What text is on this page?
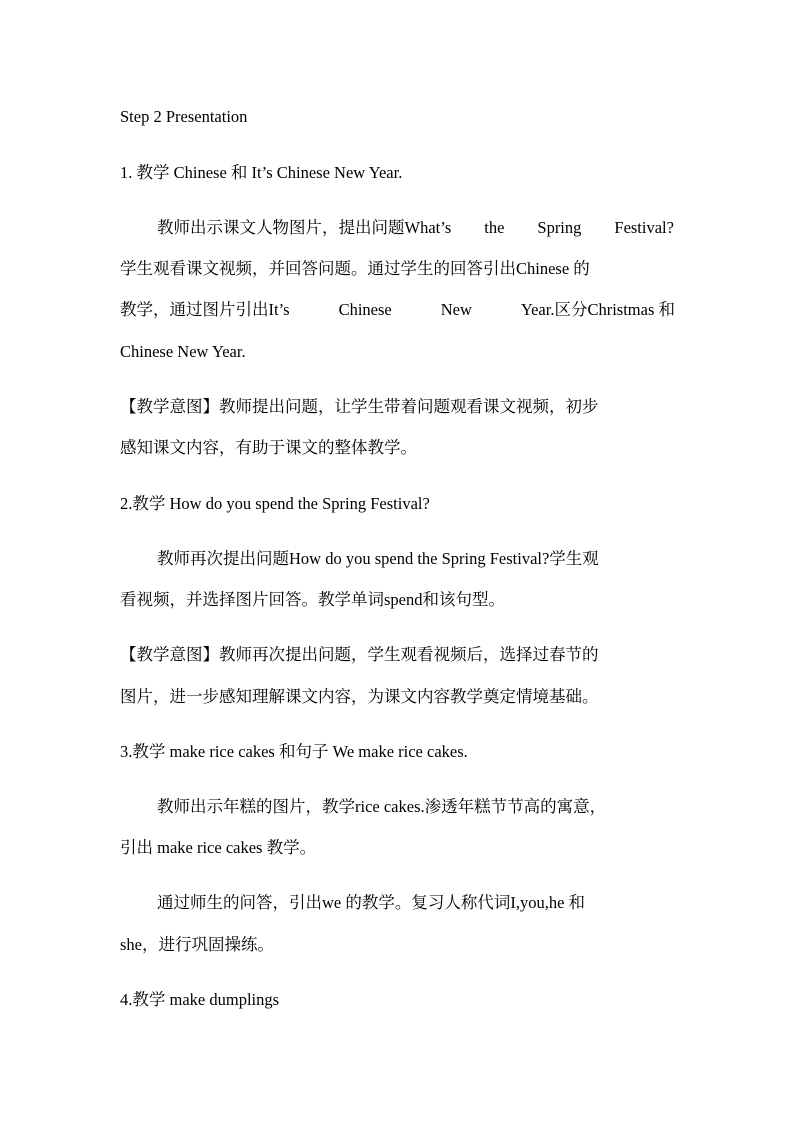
Step 2 Presentation
1. 教学 Chinese 和 It’s Chinese New Year.
教师出示课文人物图片，提出问题What’s the Spring Festival?
学生观看课文视频，并回答问题。通过学生的回答引出Chinese 的
教学，通过图片引出It’s	Chinese	New	Year.区分Christmas 和
Chinese New Year.
【教学意图】教师提出问题，让学生带着问题观看课文视频，初步
感知课文内容，有助于课文的整体教学。
2.教学 How do you spend the Spring Festival?
教师再次提出问题How do you spend the Spring Festival?学生观
看视频，并选择图片回答。教学单词spend和该句型。
【教学意图】教师再次提出问题，学生观看视频后，选择过春节的
图片，进一步感知理解课文内容，为课文内容教学奠定情境基础。
3.教学 make rice cakes 和句子 We make rice cakes.
教师出示年糕的图片，教学rice cakes.渗透年糕节节高的寓意，
引出 make rice cakes 教学。
通过师生的问答，引出we 的教学。复习人称代词I,you,he 和
she，进行巩固操练。
4.教学 make dumplings
